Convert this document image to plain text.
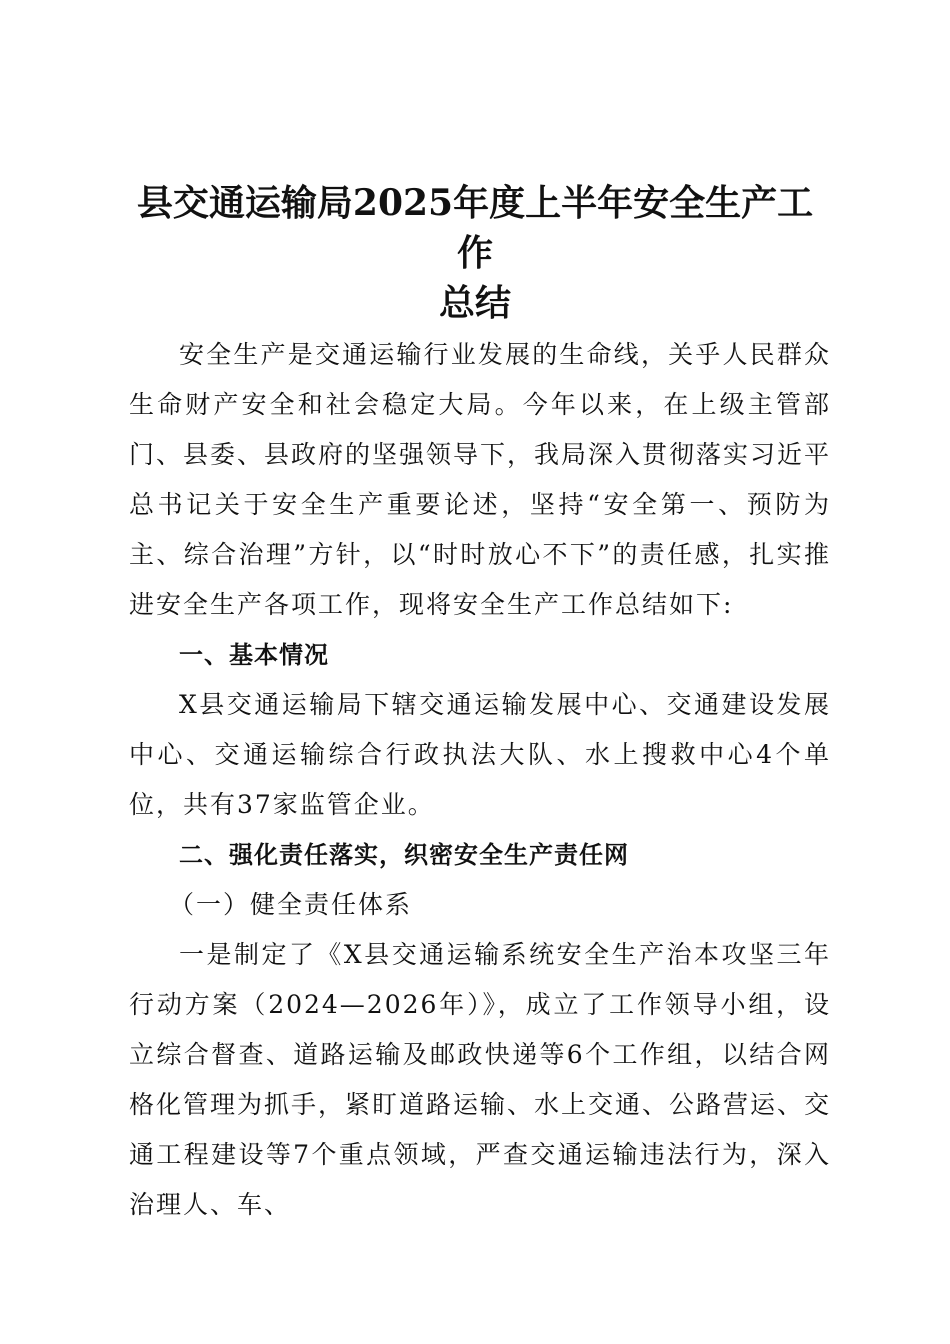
县交通运输局2025年度上半年安全生产工作
总结

安全生产是交通运输行业发展的生命线，关乎人民群众生命财产安全和社会稳定大局。今年以来，在上级主管部门、县委、县政府的坚强领导下，我局深入贯彻落实习近平总书记关于安全生产重要论述，坚持“安全第一、预防为主、综合治理”方针，以“时时放心不下”的责任感，扎实推进安全生产各项工作，现将安全生产工作总结如下:

一、基本情况

X县交通运输局下辖交通运输发展中心、交通建设发展中心、交通运输综合行政执法大队、水上搜救中心4个单位，共有37家监管企业。

二、强化责任落实，织密安全生产责任网

（一）健全责任体系

一是制定了《X县交通运输系统安全生产治本攻坚三年行动方案（2024—2026年）》，成立了工作领导小组，设立综合督查、道路运输及邮政快递等6个工作组，以结合网格化管理为抓手，紧盯道路运输、水上交通、公路营运、交通工程建设等7个重点领域，严查交通运输违法行为，深入治理人、车、
